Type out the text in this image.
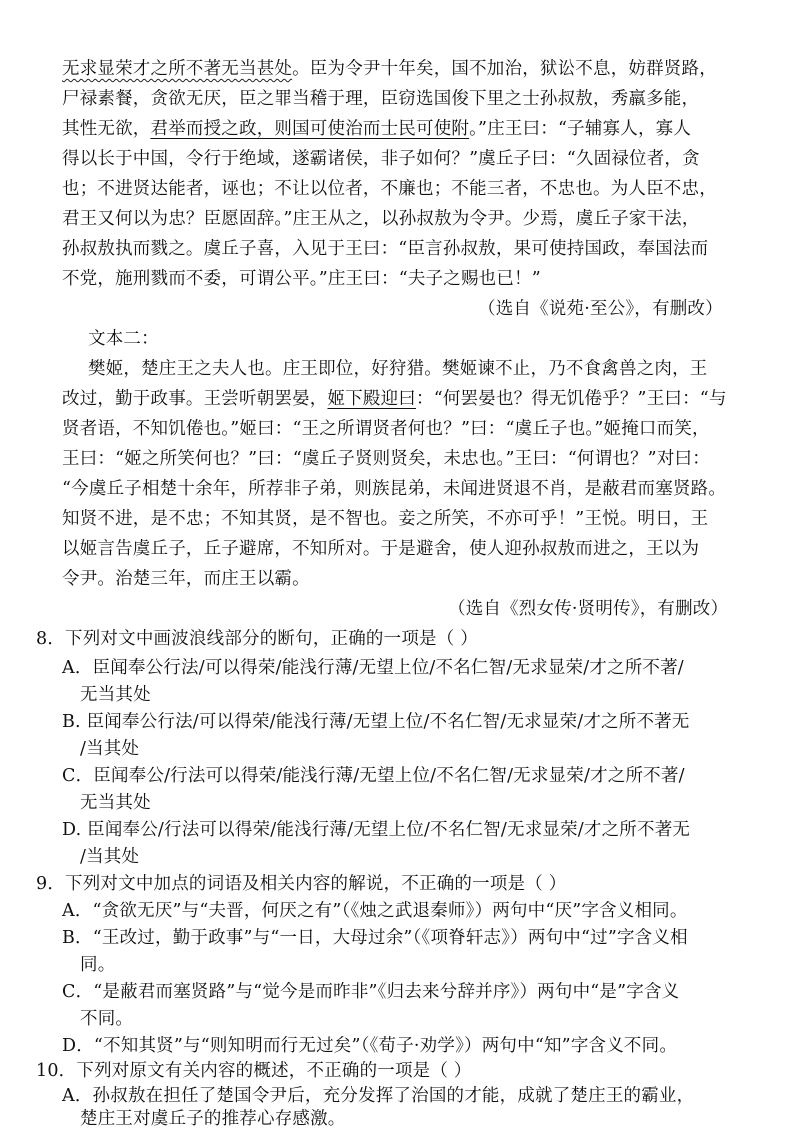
无求显荣才之所不著无当甚处。臣为令尹十年矣，国不加治，狱讼不息，妨群贤路，
尸禄素餐，贪欲无厌，臣之罪当稽于理，臣窃选国俊下里之士孙叔敖，秀羸多能，
其性无欲，君举而授之政，则国可使治而士民可使附。”庄王曰：“子辅寡人，寡人
得以长于中国，令行于绝域，遂霸诸侯，非子如何？”虞丘子曰：“久固禄位者，贪
也；不进贤达能者，诬也；不让以位者，不廉也；不能三者，不忠也。为人臣不忠，
君王又何以为忠？臣愿固辞。”庄王从之，以孙叔敖为令尹。少焉，虞丘子家干法，
孙叔敖执而戮之。虞丘子喜，入见于王曰：“臣言孙叔敖，果可使持国政，奉国法而
不党，施刑戮而不委，可谓公平。”庄王曰：“夫子之赐也已！”
（选自《说苑·至公》，有删改）
文本二：
樊姬，楚庄王之夫人也。庄王即位，好狩猎。樊姬谏不止，乃不食禽兽之肉，王
改过，勤于政事。王尝听朝罢晏，姬下殿迎曰：“何罢晏也？得无饥倦乎？”王曰：“与
贤者语，不知饥倦也。”姬曰：“王之所谓贤者何也？”曰：“虞丘子也。”姬掩口而笑，
王曰：“姬之所笑何也？”曰：“虞丘子贤则贤矣，未忠也。”王曰：“何谓也？”对曰：
“今虞丘子相楚十余年，所荐非子弟，则族昆弟，未闻进贤退不肖，是蔽君而塞贤路。
知贤不进，是不忠；不知其贤，是不智也。妾之所笑，不亦可乎！”王悦。明日，王
以姬言告虞丘子，丘子避席，不知所对。于是避舍，使人迎孙叔敖而进之，王以为
令尹。治楚三年，而庄王以霸。
（选自《烈女传·贤明传》，有删改）
8．下列对文中画波浪线部分的断句，正确的一项是（ ）
A．臣闻奉公行法/可以得荣/能浅行薄/无望上位/不名仁智/无求显荣/才之所不著/
无当其处
B. 臣闻奉公行法/可以得荣/能浅行薄/无望上位/不名仁智/无求显荣/才之所不著无
/当其处
C．臣闻奉公/行法可以得荣/能浅行薄/无望上位/不名仁智/无求显荣/才之所不著/
无当其处
D. 臣闻奉公/行法可以得荣/能浅行薄/无望上位/不名仁智/无求显荣/才之所不著无
/当其处
9．下列对文中加点的词语及相关内容的解说，不正确的一项是（ ）
A．“贪欲无厌”与“夫晋，何厌之有”（《烛之武退秦师》）两句中“厌”字含义相同。
B．“王改过，勤于政事”与“一日，大母过余”（《项脊轩志》）两句中“过”字含义相
同。
C．“是蔽君而塞贤路”与“觉今是而昨非”《归去来兮辞并序》）两句中“是”字含义
不同。
D．“不知其贤”与“则知明而行无过矣”（《荀子·劝学》）两句中“知”字含义不同。
10．下列对原文有关内容的概述，不正确的一项是（ ）
A．孙叔敖在担任了楚国令尹后，充分发挥了治国的才能，成就了楚庄王的霸业，
楚庄王对虞丘子的推荐心存感激。
